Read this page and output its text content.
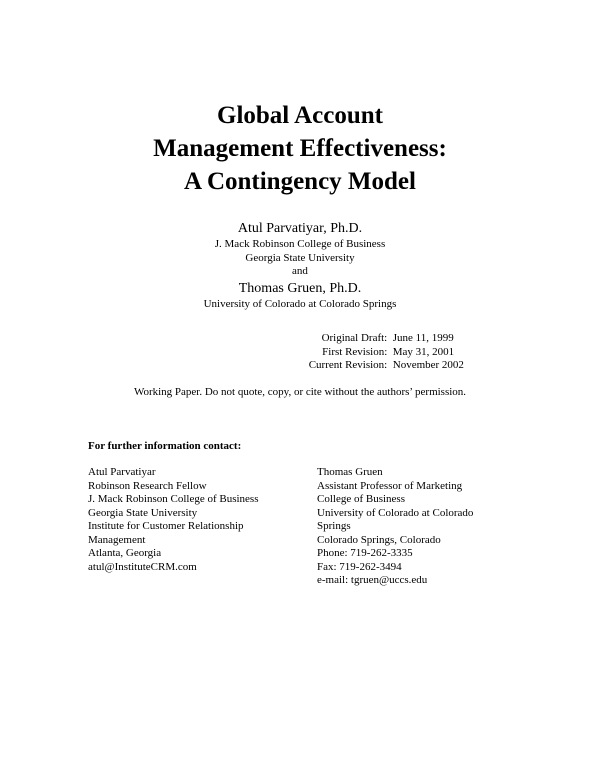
Global Account
Management Effectiveness:
A Contingency Model
Atul Parvatiyar, Ph.D.
J. Mack Robinson College of Business
Georgia State University
and
Thomas Gruen, Ph.D.
University of Colorado at Colorado Springs
Original Draft: June 11, 1999
First Revision: May 31, 2001
Current Revision: November 2002
Working Paper. Do not quote, copy, or cite without the authors’ permission.
For further information contact:
Atul Parvatiyar
Robinson Research Fellow
J. Mack Robinson College of Business
Georgia State University
Institute for Customer Relationship
Management
Atlanta, Georgia
atul@InstituteCRM.com
Thomas Gruen
Assistant Professor of Marketing
College of Business
University of Colorado at Colorado
Springs
Colorado Springs, Colorado
Phone: 719-262-3335
Fax: 719-262-3494
e-mail: tgruen@uccs.edu
